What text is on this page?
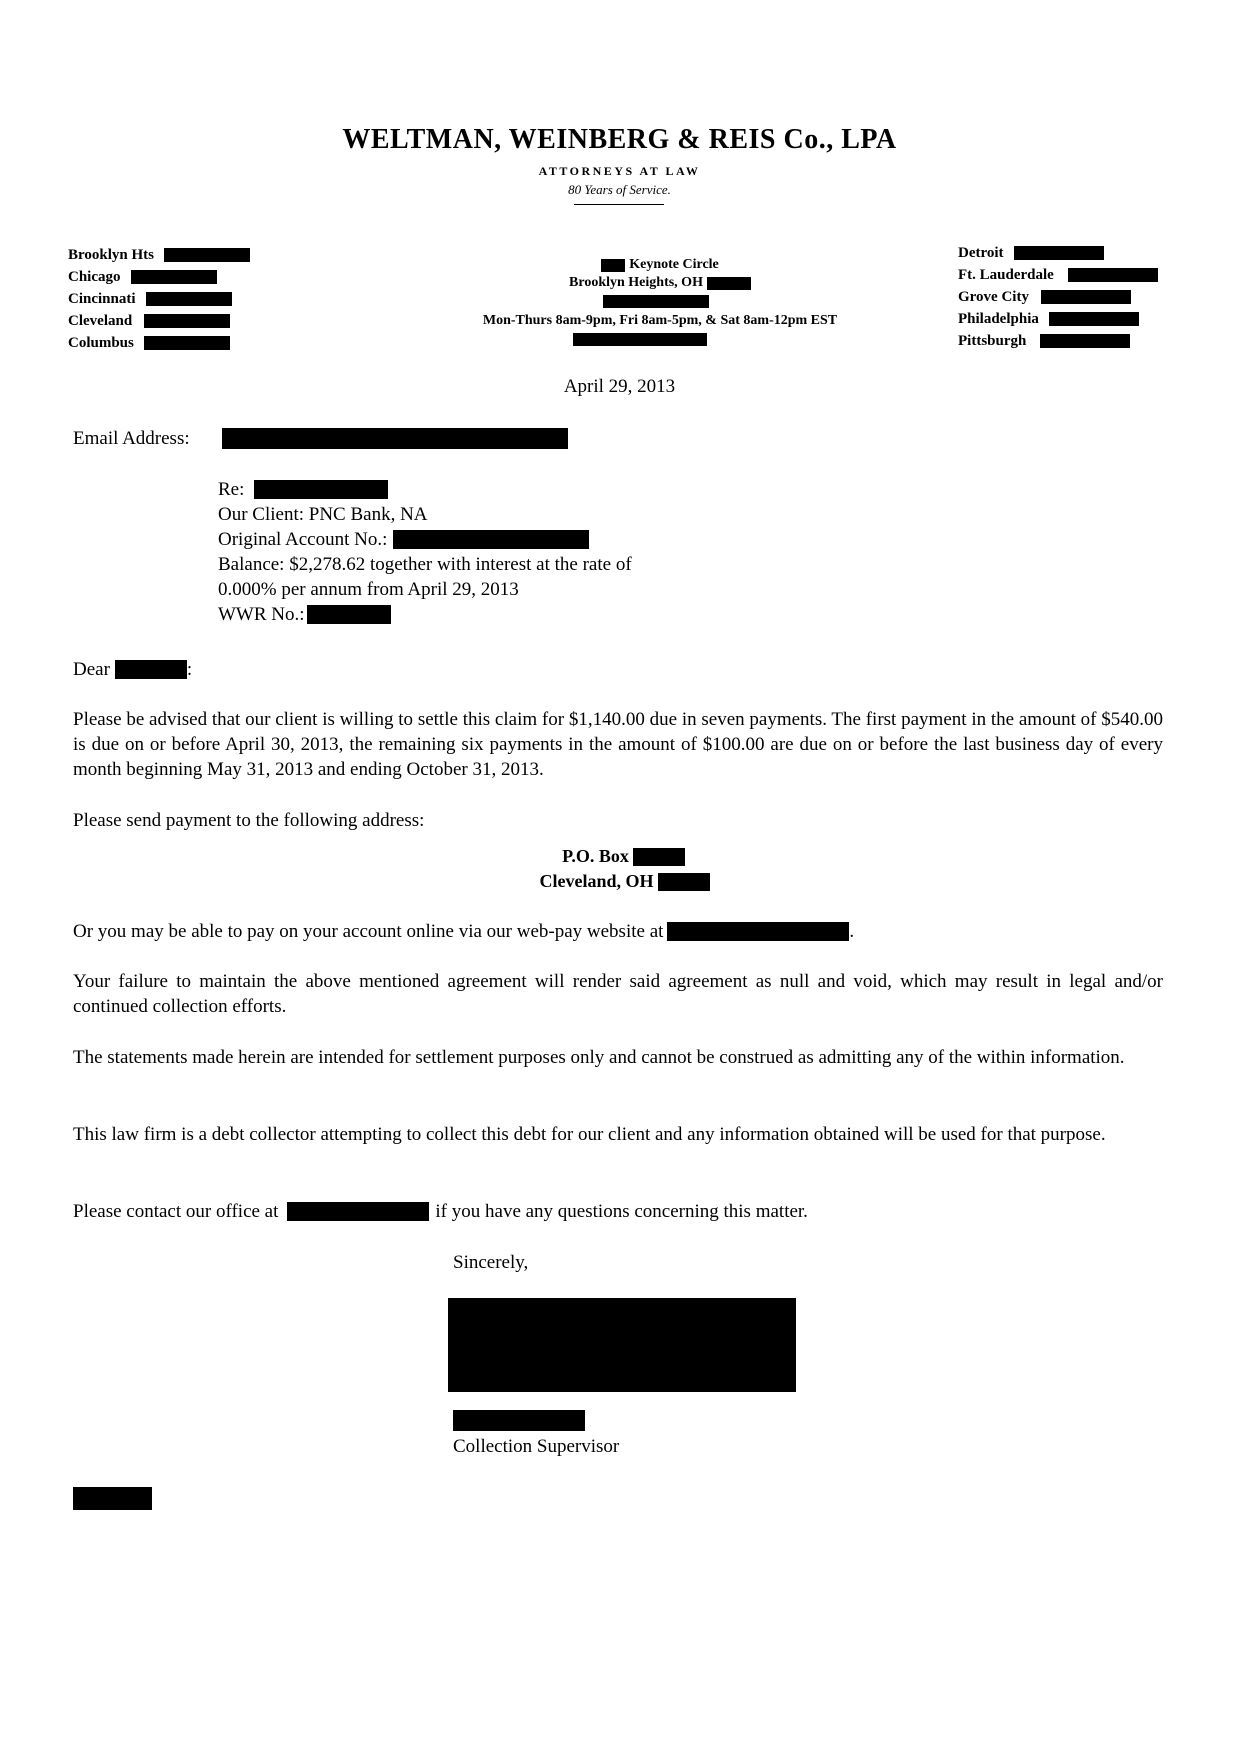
WELTMAN, WEINBERG & REIS Co., LPA
ATTORNEYS AT LAW
80 Years of Service.
Brooklyn Hts
Chicago
Cincinnati
Cleveland
Columbus
Keynote Circle
Brooklyn Heights, OH
Mon-Thurs 8am-9pm, Fri 8am-5pm, & Sat 8am-12pm EST
Detroit
Ft. Lauderdale
Grove City
Philadelphia
Pittsburgh
April 29, 2013
Email Address:
Re:
Our Client: PNC Bank, NA
Original Account No.:
Balance: $2,278.62 together with interest at the rate of
0.000% per annum from April 29, 2013
WWR No.:
Dear	:
Please be advised that our client is willing to settle this claim for $1,140.00 due in seven payments. The first payment in the amount of $540.00 is due on or before April 30, 2013, the remaining six payments in the amount of $100.00 are due on or before the last business day of every month beginning May 31, 2013 and ending October 31, 2013.
Please send payment to the following address:
P.O. Box
Cleveland, OH
Or you may be able to pay on your account online via our web-pay website at	.
Your failure to maintain the above mentioned agreement will render said agreement as null and void, which may result in legal and/or continued collection efforts.
The statements made herein are intended for settlement purposes only and cannot be construed as admitting any of the within information.
This law firm is a debt collector attempting to collect this debt for our client and any information obtained will be used for that purpose.
Please contact our office at	if you have any questions concerning this matter.
Sincerely,
Collection Supervisor
